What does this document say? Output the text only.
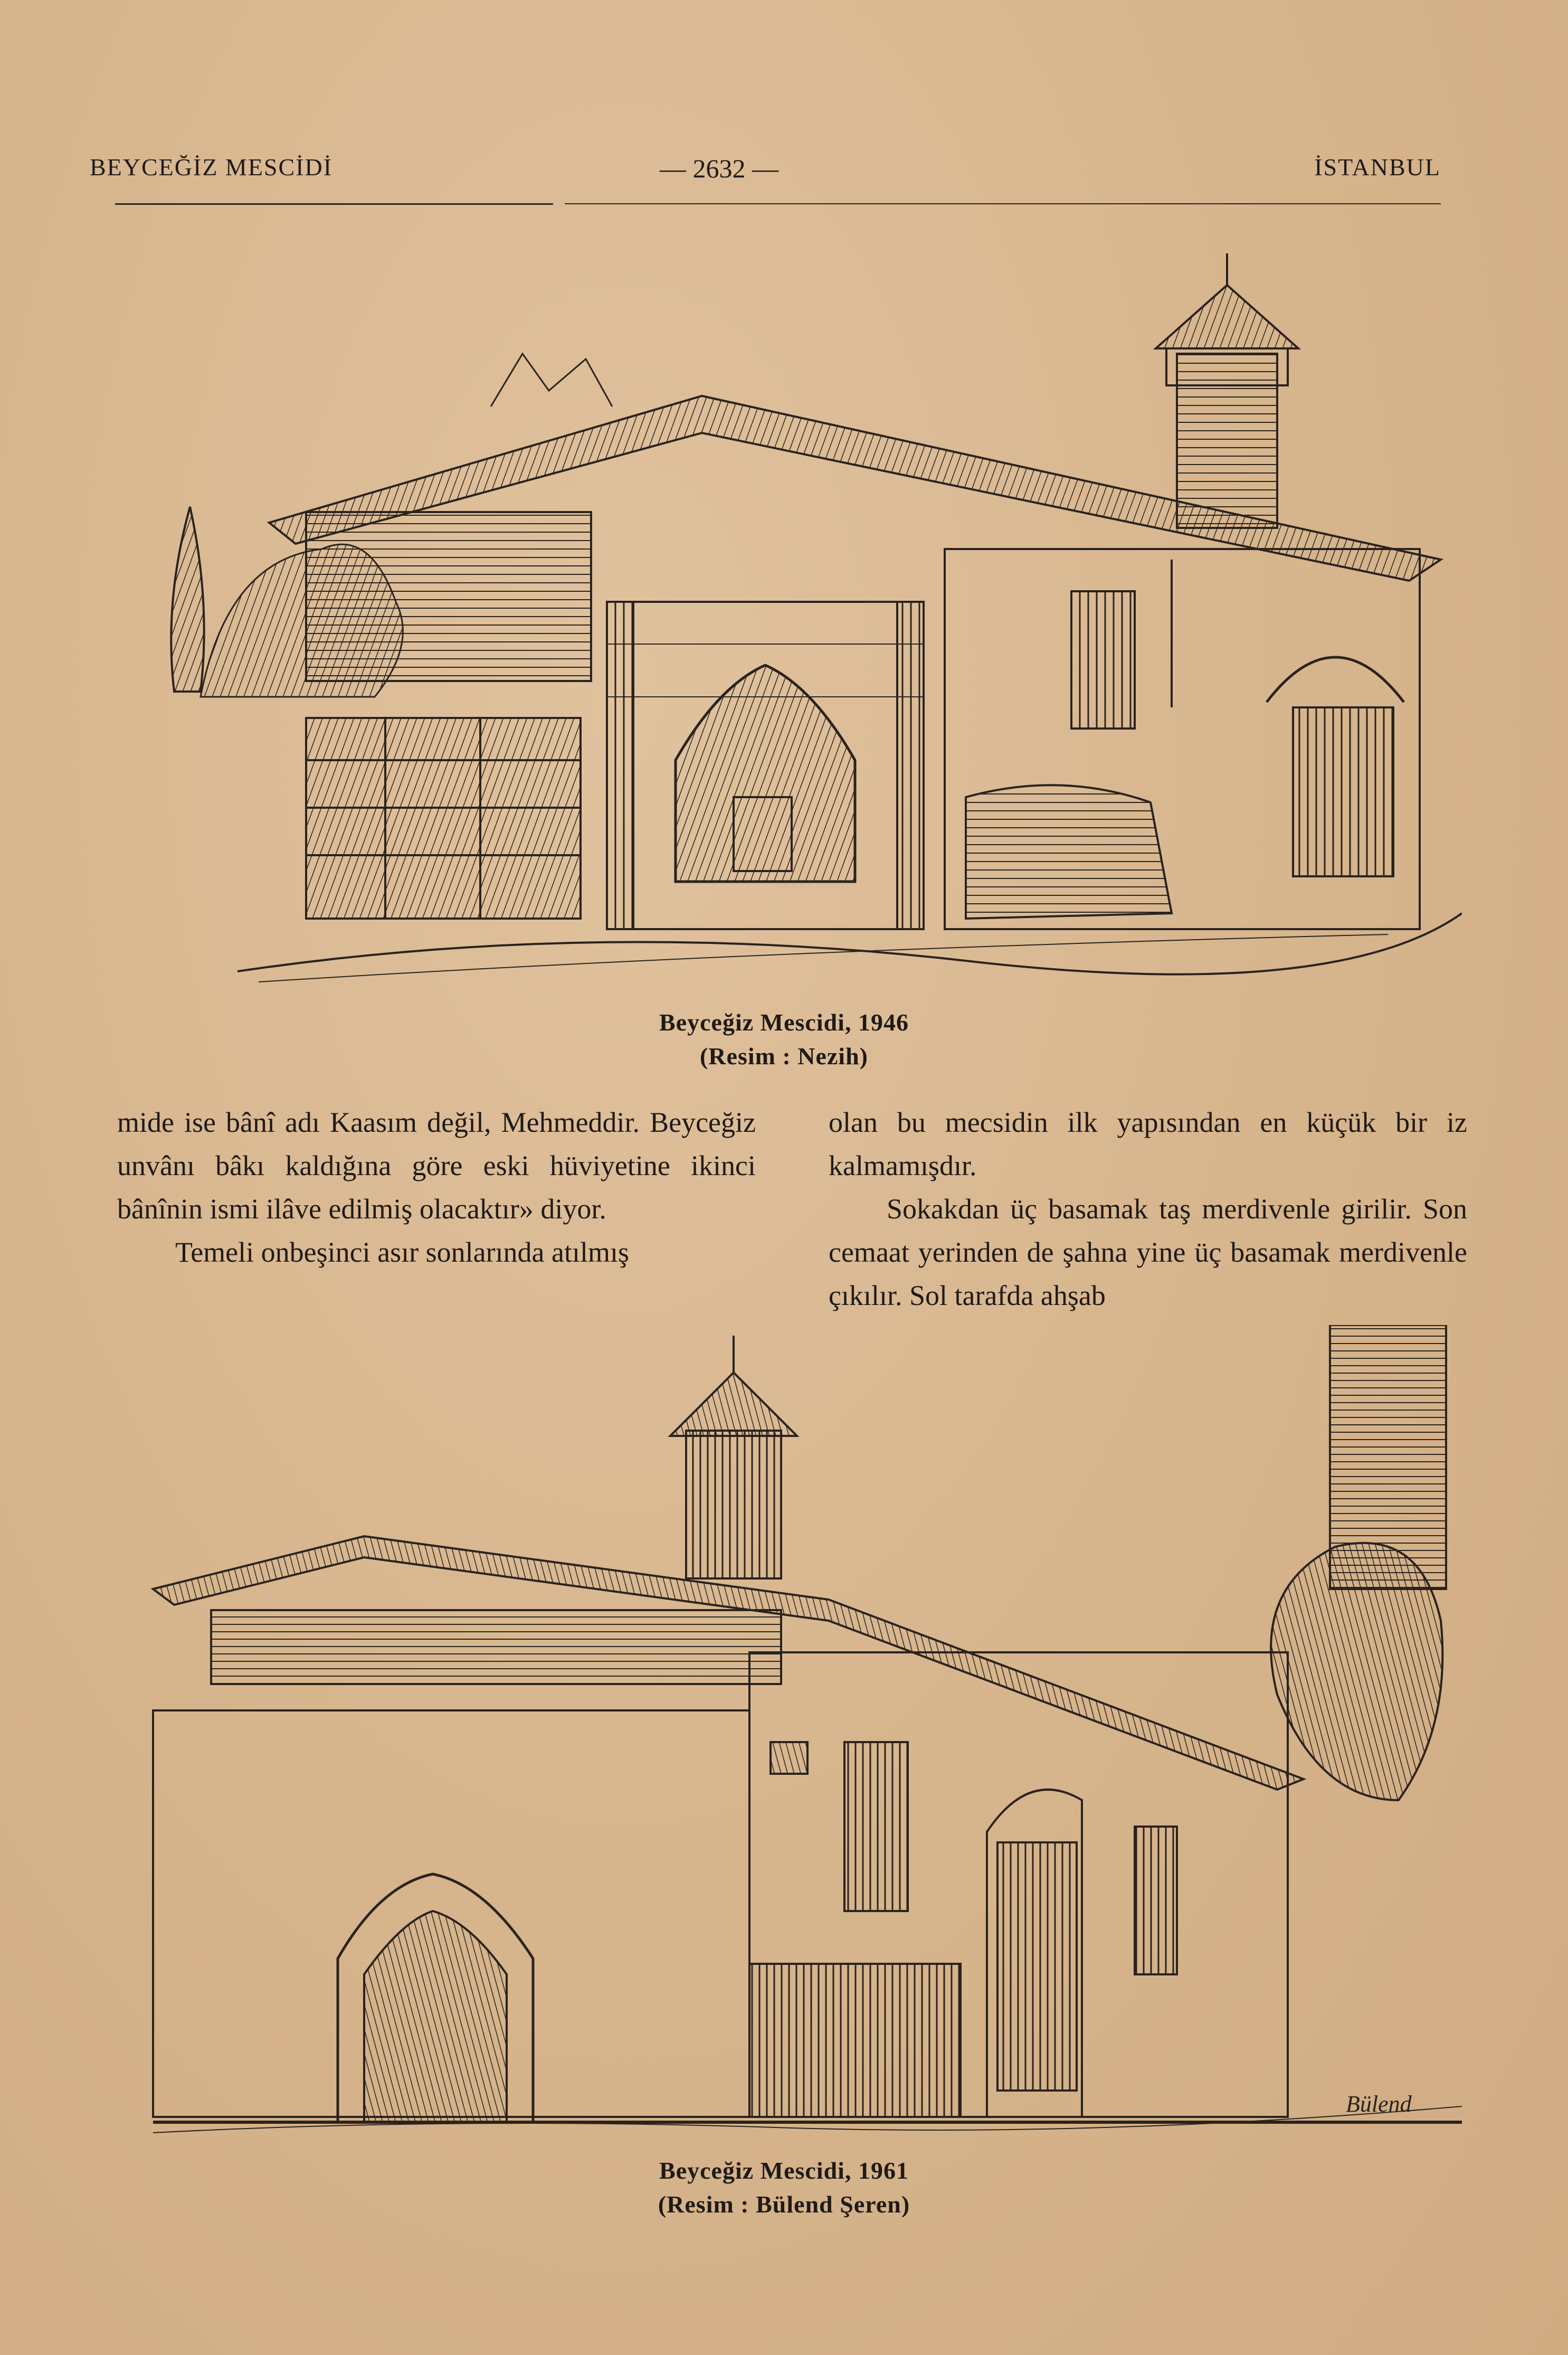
BEYCEĞİZ MESCİDİ	— 2632 —	İSTANBUL
Beyceğiz Mescidi, 1946
(Resim : Nezih)

mide ise bânî adı Kaasım değil, Mehmeddir. Beyceğiz unvânı bâkı kaldığına göre eski hüviyetine ikinci bânînin ismi ilâve edilmiş olacaktır» diyor.

Temeli onbeşinci asır sonlarında atılmış

olan bu mecsidin ilk yapısından en küçük bir iz kalmamışdır.

Sokakdan üç basamak taş merdivenle girilir. Son cemaat yerinden de şahna yine üç basamak merdivenle çıkılır. Sol tarafda ahşab

Bülend
Beyceğiz Mescidi, 1961
(Resim : Bülend Şeren)
